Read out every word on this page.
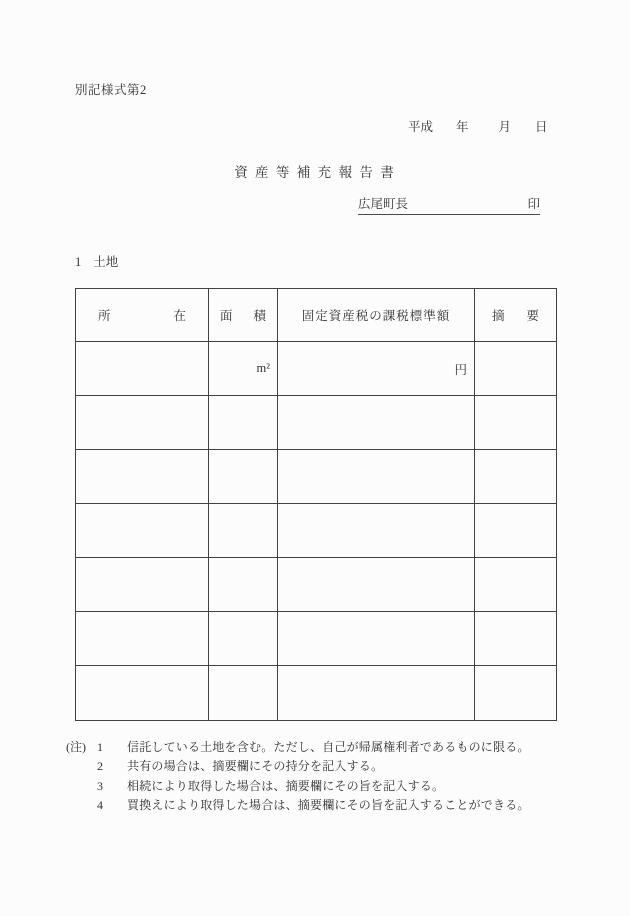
別記様式第2
平成 年 月 日
資 産 等 補 充 報 告 書
広尾町長	印
1 土地
所 在	面 積	固定資産税の課税標準額	摘 要

	m²	円	

(注) 1	信託している土地を含む。ただし、自己が帰属権利者であるものに限る。
2	共有の場合は、摘要欄にその持分を記入する。
3	相続により取得した場合は、摘要欄にその旨を記入する。
4	買換えにより取得した場合は、摘要欄にその旨を記入することができる。
